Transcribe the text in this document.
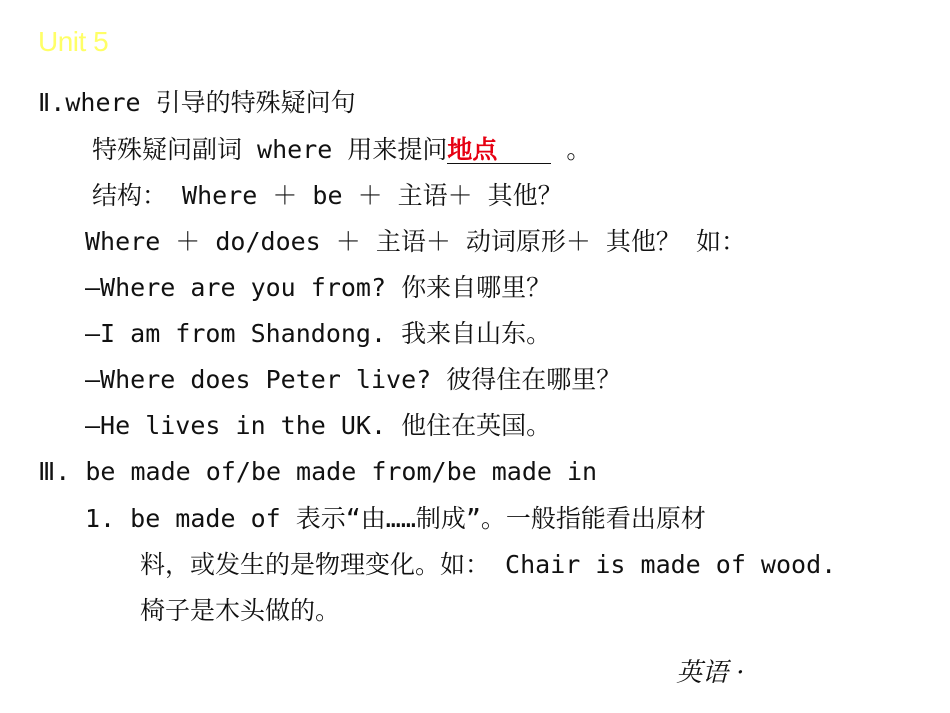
Unit 5
Ⅱ.where 引导的特殊疑问句
特殊疑问副词 where 用来提问地点 。
结构： Where ＋ be ＋ 主语＋ 其他？
Where ＋ do/does ＋ 主语＋ 动词原形＋ 其他？ 如：
—Where are you from? 你来自哪里？
—I am from Shandong. 我来自山东。
—Where does Peter live? 彼得住在哪里？
—He lives in the UK. 他住在英国。
Ⅲ. be made of/be made from/be made in
1. be made of 表示“由……制成”。一般指能看出原材
料，或发生的是物理变化。如： Chair is made of wood.
椅子是木头做的。
英语 ·
